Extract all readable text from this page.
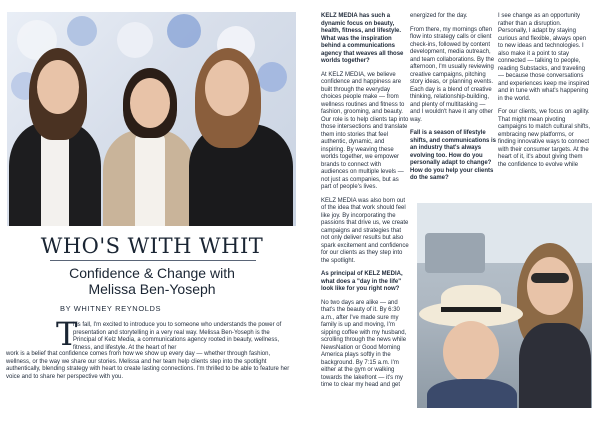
WHO'S WITH WHIT
Confidence & Change with
Melissa Ben-Yoseph
BY WHITNEY REYNOLDS
T
his fall, I'm excited to introduce you to someone who understands the power of presentation and storytelling in a very real way. Melissa Ben-Yoseph is the Principal of Kelz Media, a communications agency rooted in beauty, wellness, fitness, and lifestyle. At the heart of her
work is a belief that confidence comes from how we show up every day — whether through fashion, wellness, or the way we share our stories. Melissa and her team help clients step into the spotlight authentically, blending strategy with heart to create lasting connections. I'm thrilled to be able to feature her voice and to share her perspective with you.

KELZ MEDIA has such a dynamic focus on beauty, health, fitness, and lifestyle. What was the inspiration behind a communications agency that weaves all those worlds together?

At KELZ MEDIA, we believe confidence and happiness are built through the everyday choices people make — from wellness routines and fitness to fashion, grooming, and beauty. Our role is to help clients tap into those intersections and translate them into stories that feel authentic, dynamic, and inspiring. By weaving these worlds together, we empower brands to connect with audiences on multiple levels — not just as companies, but as part of people's lives.

KELZ MEDIA was also born out of the idea that work should feel like joy. By incorporating the passions that drive us, we create campaigns and strategies that not only deliver results but also spark excitement and confidence for our clients as they step into the spotlight.

As principal of KELZ MEDIA, what does a "day in the life" look like for you right now?

No two days are alike — and that's the beauty of it. By 6:30 a.m., after I've made sure my family is up and moving, I'm sipping coffee with my husband, scrolling through the news while NewsNation or Good Morning America plays softly in the background. By 7:15 a.m. I'm either at the gym or walking towards the lakefront — it's my time to clear my head and get

energized for the day.

From there, my mornings often flow into strategy calls or client check-ins, followed by content development, media outreach, and team collaborations. By the afternoon, I'm usually reviewing creative campaigns, pitching story ideas, or planning events. Each day is a blend of creative thinking, relationship-building, and plenty of multitasking — and I wouldn't have it any other way.

Fall is a season of lifestyle shifts, and communications is an industry that's always evolving too. How do you personally adapt to change? How do you help your clients do the same?

I see change as an opportunity rather than a disruption. Personally, I adapt by staying curious and flexible, always open to new ideas and technologies. I also make it a point to stay connected — talking to people, reading Substacks, and traveling — because those conversations and experiences keep me inspired and in tune with what's happening in the world.

For our clients, we focus on agility. That might mean pivoting campaigns to match cultural shifts, embracing new platforms, or finding innovative ways to connect with their consumer targets. At the heart of it, it's about giving them the confidence to evolve while
